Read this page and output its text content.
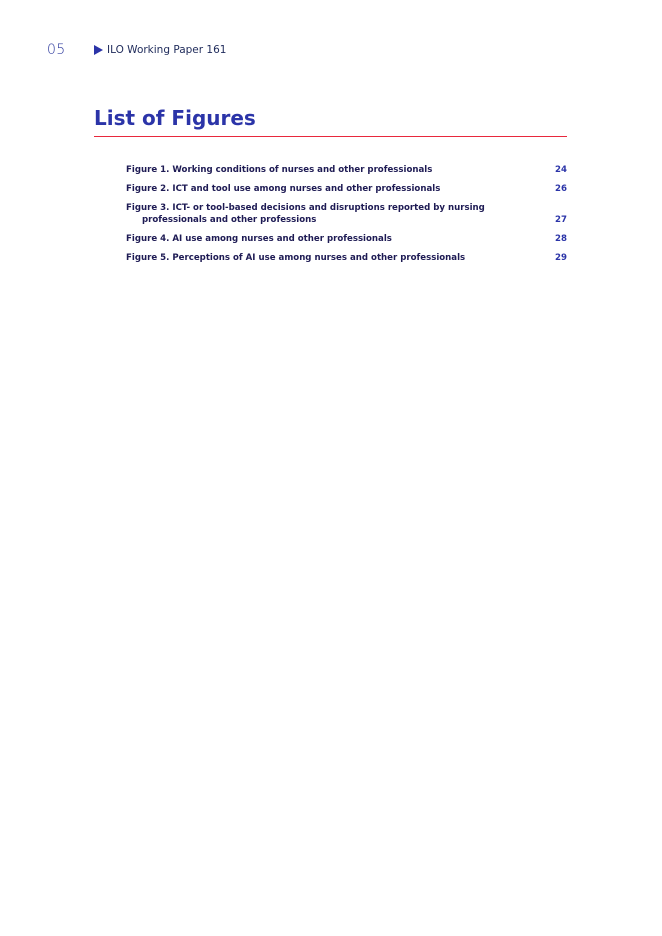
05	ILO Working Paper 161
List of Figures
Figure 1. Working conditions of nurses and other professionals	24
Figure 2. ICT and tool use among nurses and other professionals	26
Figure 3. ICT- or tool-based decisions and disruptions reported by nursing professionals and other professions	27
Figure 4. AI use among nurses and other professionals	28
Figure 5. Perceptions of AI use among nurses and other professionals	29
